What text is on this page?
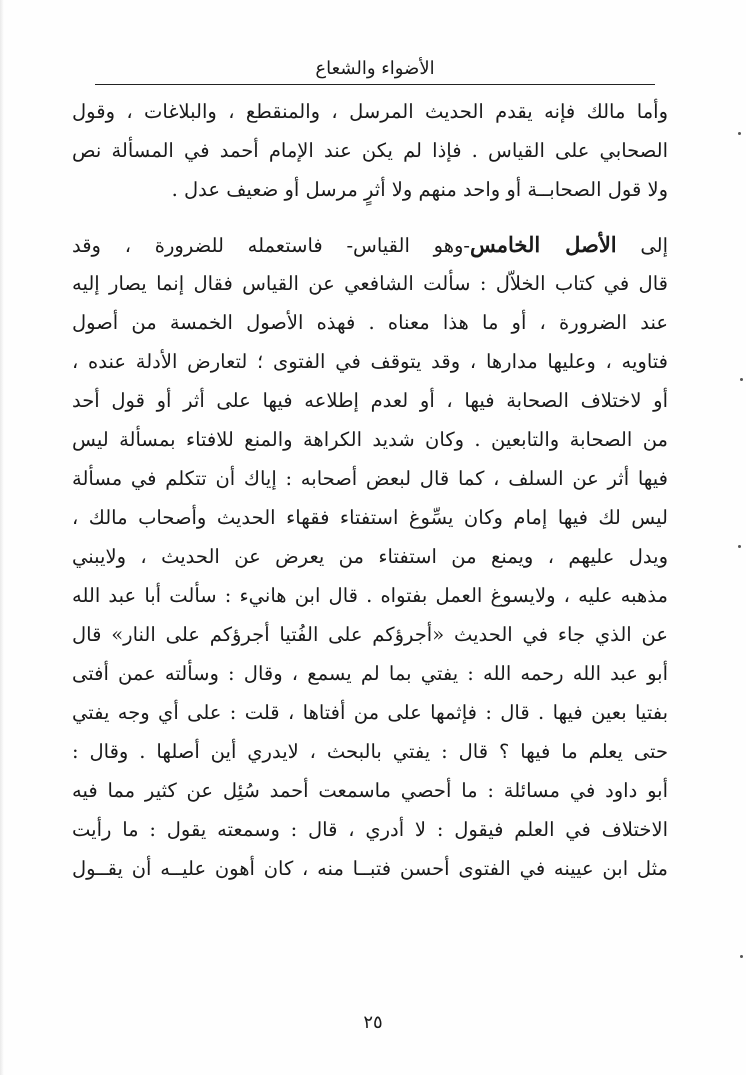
الأضواء والشعاع
وأما مالك فإنه يقدم الحديث المرسل ، والمنقطع ، والبلاغات ، وقول
الصحابي على القياس . فإذا لم يكن عند الإمام أحمد في المسألة نص
ولا قول الصحابــة أو واحد منهم ولا أثرٍ مرسل أو ضعيف عدل .
إلى الأصل الخامس-وهو القياس- فاستعمله للضرورة ، وقد
قال في كتاب الخلاّل : سألت الشافعي عن القياس فقال إنما يصار إليه
عند الضرورة ، أو ما هذا معناه . فهذه الأصول الخمسة من أصول
فتاويه ، وعليها مدارها ، وقد يتوقف في الفتوى ؛ لتعارض الأدلة عنده ،
أو لاختلاف الصحابة فيها ، أو لعدم إطلاعه فيها على أثر أو قول أحد
من الصحابة والتابعين . وكان شديد الكراهة والمنع للافتاء بمسألة ليس
فيها أثر عن السلف ، كما قال لبعض أصحابه : إياك أن تتكلم في مسألة
ليس لك فيها إمام وكان يسِّوغ استفتاء فقهاء الحديث وأصحاب مالك ،
ويدل عليهم ، ويمنع من استفتاء من يعرض عن الحديث ، ولايبني
مذهبه عليه ، ولايسوغ العمل بفتواه . قال ابن هانيء : سألت أبا عبد الله
عن الذي جاء في الحديث «أجرؤكم على الفُتيا أجرؤكم على النار» قال
أبو عبد الله رحمه الله : يفتي بما لم يسمع ، وقال : وسألته عمن أفتى
بفتيا بعين فيها . قال : فإثمها على من أفتاها ، قلت : على أي وجه يفتي
حتى يعلم ما فيها ؟ قال : يفتي بالبحث ، لايدري أين أصلها . وقال :
أبو داود في مسائلة : ما أحصي ماسمعت أحمد سُئِل عن كثير مما فيه
الاختلاف في العلم فيقول : لا أدري ، قال : وسمعته يقول : ما رأيت
مثل ابن عيينه في الفتوى أحسن فتبــا منه ، كان أهون عليــه أن يقــول
٢٥
